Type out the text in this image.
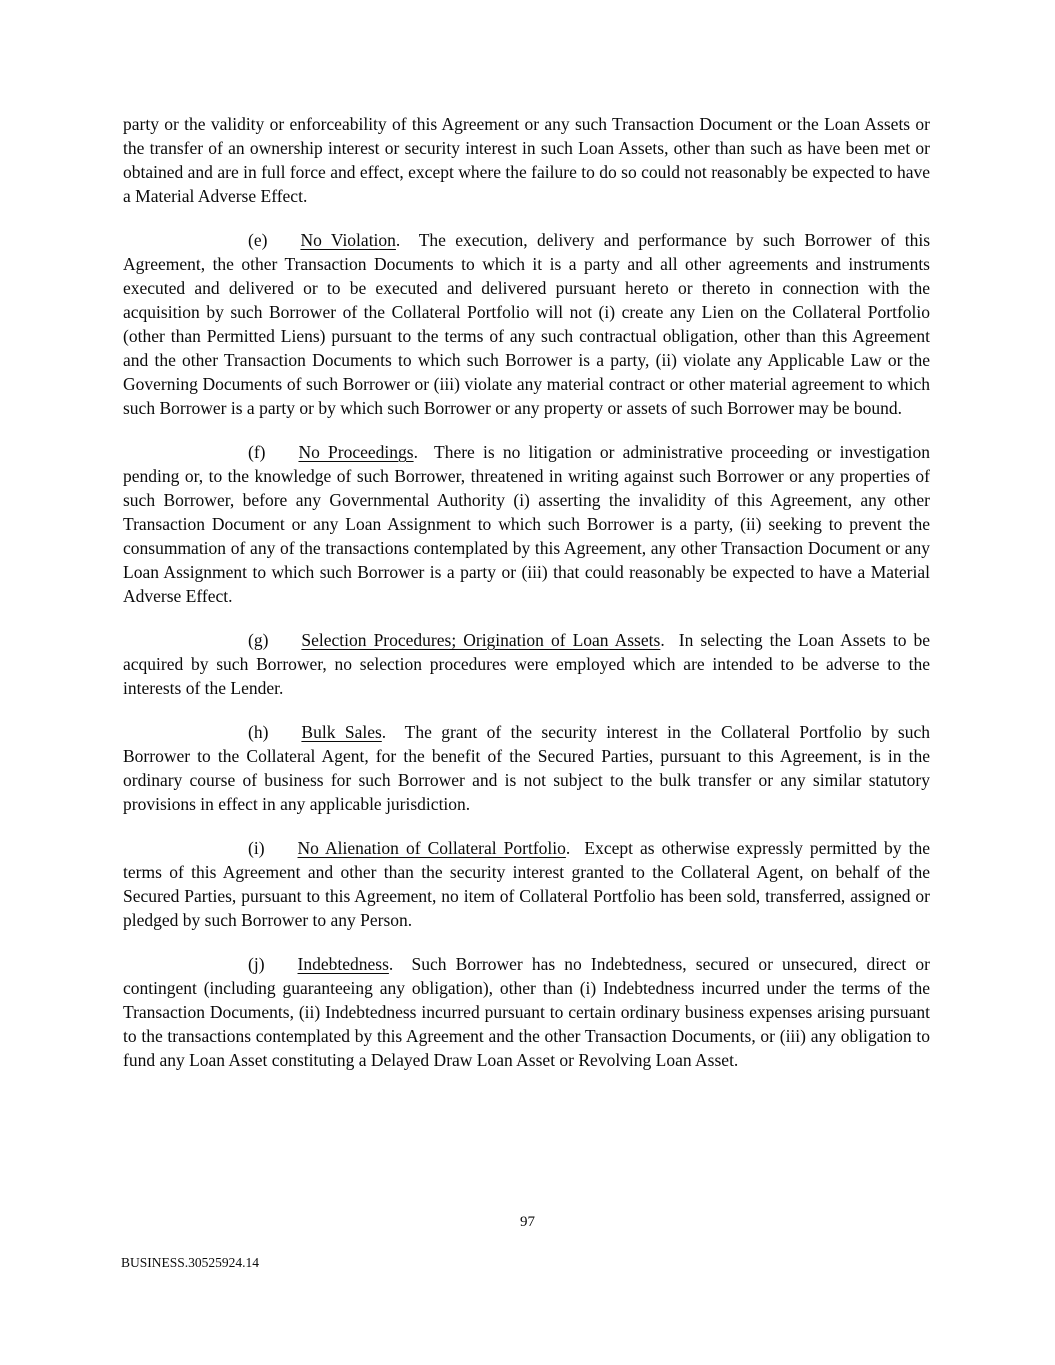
party or the validity or enforceability of this Agreement or any such Transaction Document or the Loan Assets or the transfer of an ownership interest or security interest in such Loan Assets, other than such as have been met or obtained and are in full force and effect, except where the failure to do so could not reasonably be expected to have a Material Adverse Effect.

(e) No Violation.  The execution, delivery and performance by such Borrower of this Agreement, the other Transaction Documents to which it is a party and all other agreements and instruments executed and delivered or to be executed and delivered pursuant hereto or thereto in connection with the acquisition by such Borrower of the Collateral Portfolio will not (i) create any Lien on the Collateral Portfolio (other than Permitted Liens) pursuant to the terms of any such contractual obligation, other than this Agreement and the other Transaction Documents to which such Borrower is a party, (ii) violate any Applicable Law or the Governing Documents of such Borrower or (iii) violate any material contract or other material agreement to which such Borrower is a party or by which such Borrower or any property or assets of such Borrower may be bound.

(f) No Proceedings.  There is no litigation or administrative proceeding or investigation pending or, to the knowledge of such Borrower, threatened in writing against such Borrower or any properties of such Borrower, before any Governmental Authority (i) asserting the invalidity of this Agreement, any other Transaction Document or any Loan Assignment to which such Borrower is a party, (ii) seeking to prevent the consummation of any of the transactions contemplated by this Agreement, any other Transaction Document or any Loan Assignment to which such Borrower is a party or (iii) that could reasonably be expected to have a Material Adverse Effect.

(g) Selection Procedures; Origination of Loan Assets.  In selecting the Loan Assets to be acquired by such Borrower, no selection procedures were employed which are intended to be adverse to the interests of the Lender.

(h) Bulk Sales.  The grant of the security interest in the Collateral Portfolio by such Borrower to the Collateral Agent, for the benefit of the Secured Parties, pursuant to this Agreement, is in the ordinary course of business for such Borrower and is not subject to the bulk transfer or any similar statutory provisions in effect in any applicable jurisdiction.

(i) No Alienation of Collateral Portfolio.  Except as otherwise expressly permitted by the terms of this Agreement and other than the security interest granted to the Collateral Agent, on behalf of the Secured Parties, pursuant to this Agreement, no item of Collateral Portfolio has been sold, transferred, assigned or pledged by such Borrower to any Person.

(j) Indebtedness.  Such Borrower has no Indebtedness, secured or unsecured, direct or contingent (including guaranteeing any obligation), other than (i) Indebtedness incurred under the terms of the Transaction Documents, (ii) Indebtedness incurred pursuant to certain ordinary business expenses arising pursuant to the transactions contemplated by this Agreement and the other Transaction Documents, or (iii) any obligation to fund any Loan Asset constituting a Delayed Draw Loan Asset or Revolving Loan Asset.

97
BUSINESS.30525924.14
